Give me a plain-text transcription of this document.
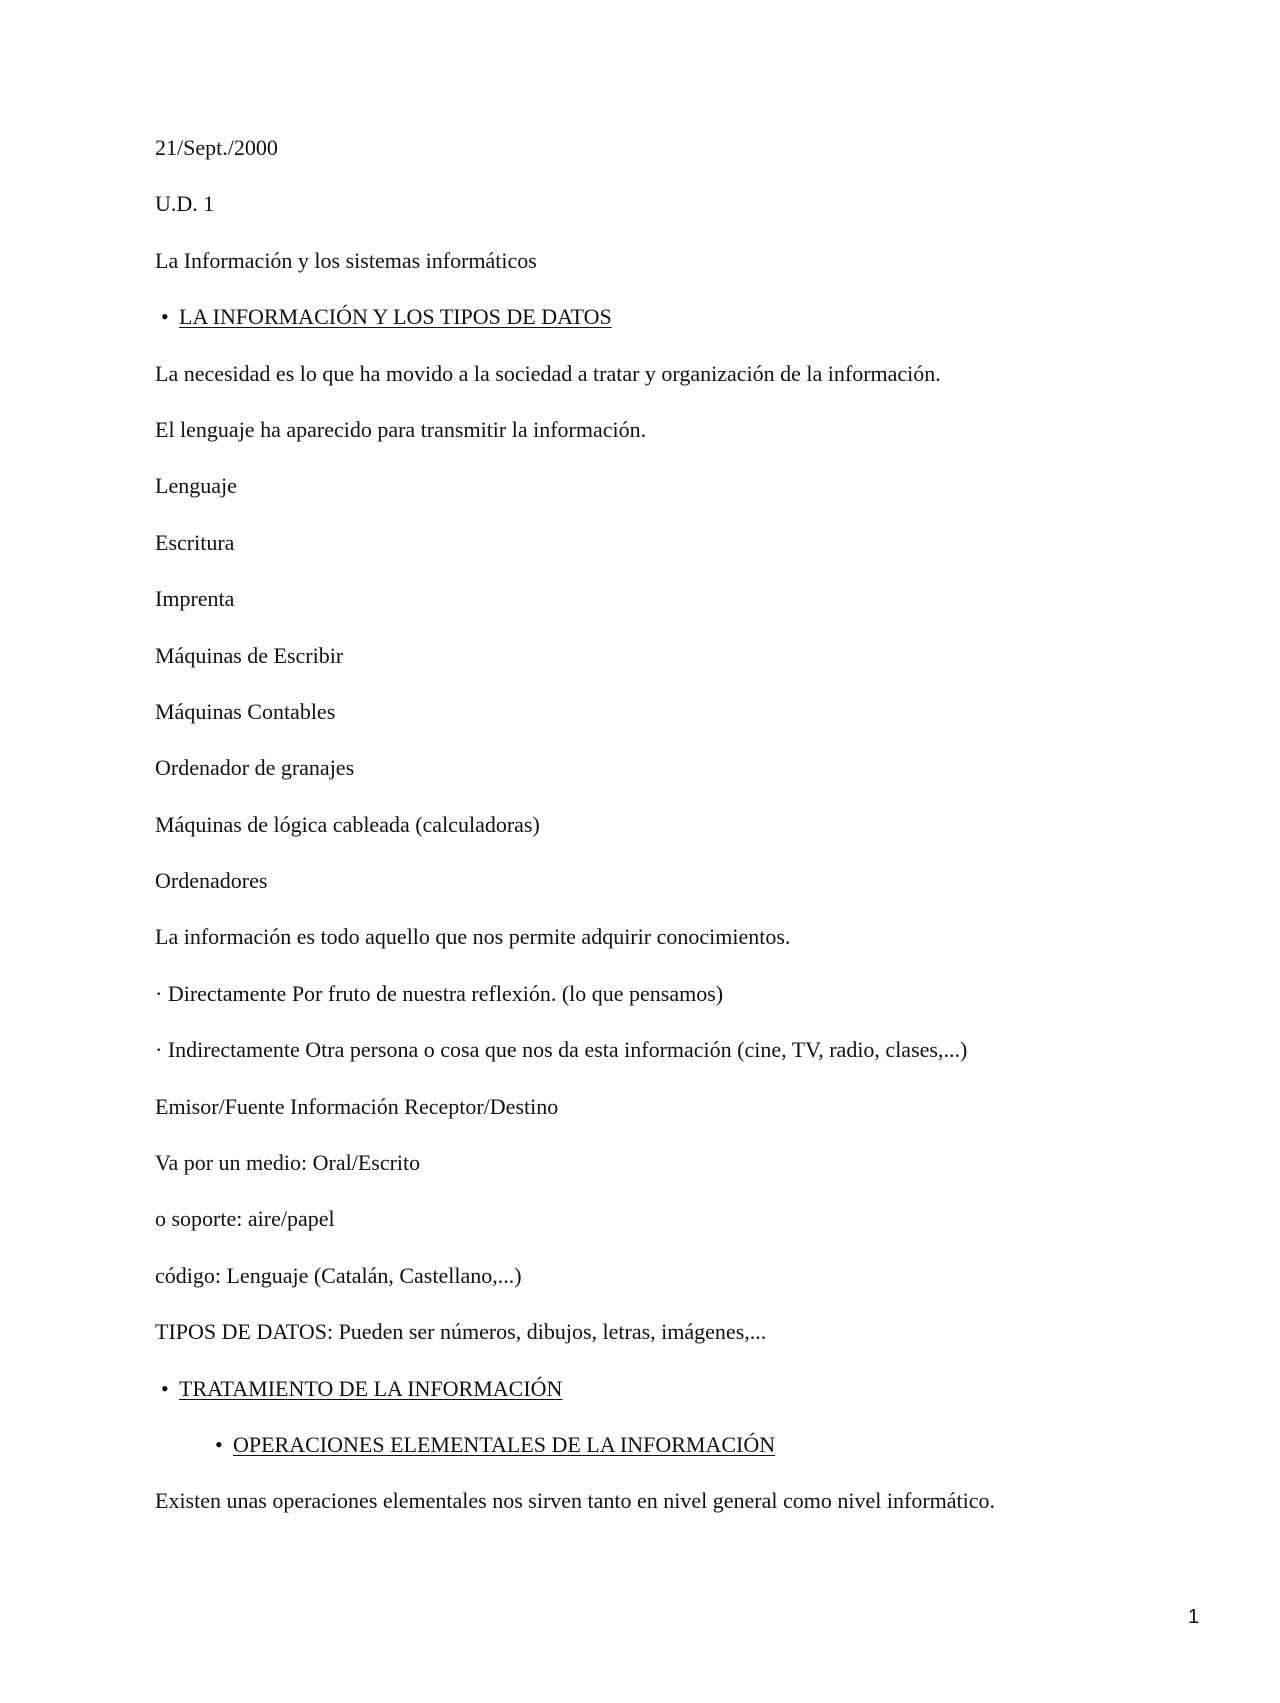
21/Sept./2000
U.D. 1
La Información y los sistemas informáticos
• LA INFORMACIÓN Y LOS TIPOS DE DATOS
La necesidad es lo que ha movido a la sociedad a tratar y organización de la información.
El lenguaje ha aparecido para transmitir la información.
Lenguaje
Escritura
Imprenta
Máquinas de Escribir
Máquinas Contables
Ordenador de granajes
Máquinas de lógica cableada (calculadoras)
Ordenadores
La información es todo aquello que nos permite adquirir conocimientos.
· Directamente Por fruto de nuestra reflexión. (lo que pensamos)
· Indirectamente Otra persona o cosa que nos da esta información (cine, TV, radio, clases,...)
Emisor/Fuente Información Receptor/Destino
Va por un medio: Oral/Escrito
o soporte: aire/papel
código: Lenguaje (Catalán, Castellano,...)
TIPOS DE DATOS: Pueden ser números, dibujos, letras, imágenes,...
• TRATAMIENTO DE LA INFORMACIÓN
• OPERACIONES ELEMENTALES DE LA INFORMACIÓN
Existen unas operaciones elementales nos sirven tanto en nivel general como nivel informático.
1
